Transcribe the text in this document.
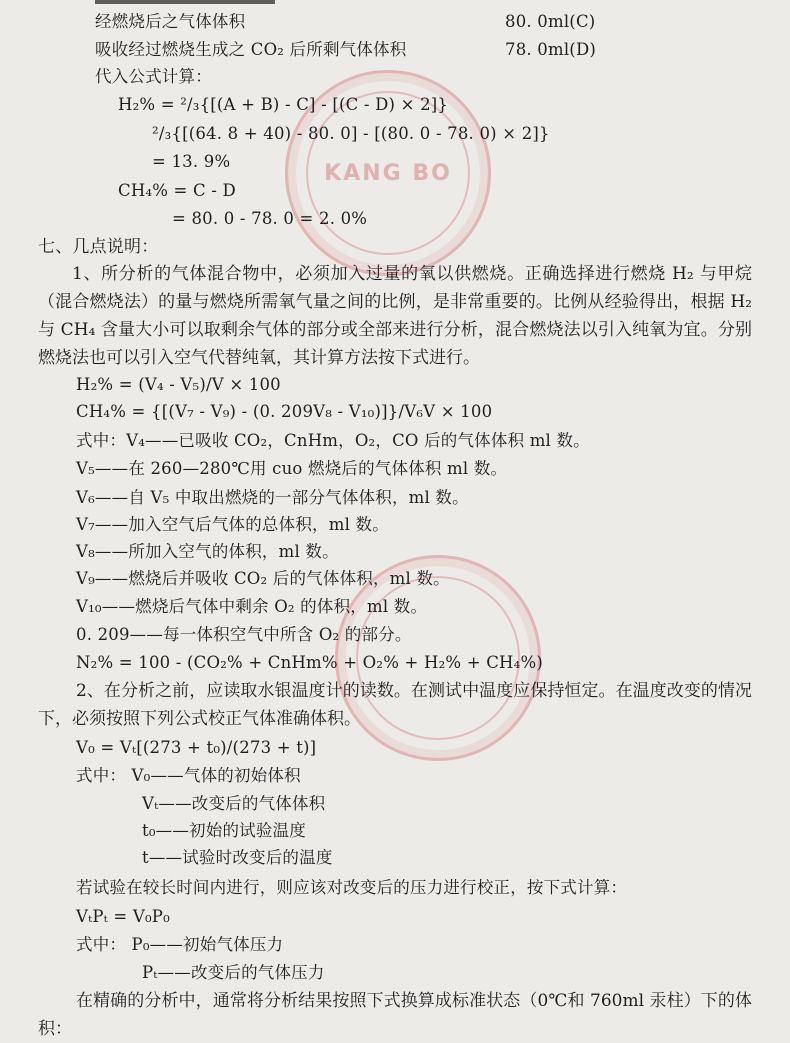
KANG BO
经燃烧后之气体体积	80. 0ml(C)
吸收经过燃烧生成之 CO₂ 后所剩气体体积	78. 0ml(D)
代入公式计算：
H₂% = ²/₃{[(A + B) - C] - [(C - D) × 2]}
²/₃{[(64. 8 + 40) - 80. 0] - [(80. 0 - 78. 0) × 2]}
= 13. 9%
CH₄% = C - D
= 80. 0 - 78. 0 = 2. 0%
七、几点说明：
1、所分析的气体混合物中，必须加入过量的氧以供燃烧。正确选择进行燃烧 H₂ 与甲烷（混合燃烧法）的量与燃烧所需氧气量之间的比例，是非常重要的。比例从经验得出，根据 H₂ 与 CH₄ 含量大小可以取剩余气体的部分或全部来进行分析，混合燃烧法以引入纯氧为宜。分别燃烧法也可以引入空气代替纯氧，其计算方法按下式进行。
H₂% = (V₄ - V₅)/V × 100
CH₄% = {[(V₇ - V₉) - (0. 209V₈ - V₁₀)]}/V₆V × 100
式中：V₄——已吸收 CO₂，CnHm，O₂，CO 后的气体体积 ml 数。
V₅——在 260—280℃用 cuo 燃烧后的气体体积 ml 数。
V₆——自 V₅ 中取出燃烧的一部分气体体积，ml 数。
V₇——加入空气后气体的总体积，ml 数。
V₈——所加入空气的体积，ml 数。
V₉——燃烧后并吸收 CO₂ 后的气体体积，ml 数。
V₁₀——燃烧后气体中剩余 O₂ 的体积，ml 数。
0. 209——每一体积空气中所含 O₂ 的部分。
N₂% = 100 - (CO₂% + CnHm% + O₂% + H₂% + CH₄%)
2、在分析之前，应读取水银温度计的读数。在测试中温度应保持恒定。在温度改变的情况下，必须按照下列公式校正气体准确体积。
V₀ = Vₜ[(273 + t₀)/(273 + t)]
式中： V₀——气体的初始体积
Vₜ——改变后的气体体积
t₀——初始的试验温度
t——试验时改变后的温度
若试验在较长时间内进行，则应该对改变后的压力进行校正，按下式计算：
VₜPₜ = V₀P₀
式中： P₀——初始气体压力
Pₜ——改变后的气体压力
在精确的分析中，通常将分析结果按照下式换算成标准状态（0℃和 760ml 汞柱）下的体积：
